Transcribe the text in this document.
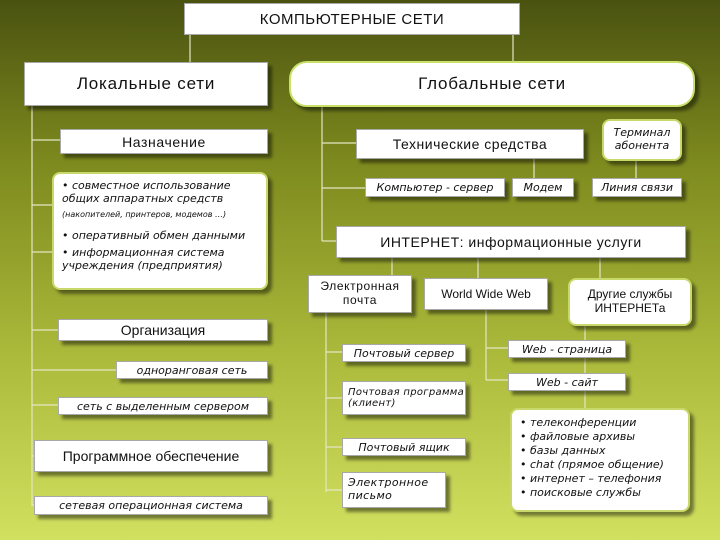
КОМПЬЮТЕРНЫЕ СЕТИ
Локальные сети	Глобальные сети
Назначение
• совместное использование общих аппаратных средств
(накопителей, принтеров, модемов …)
• оперативный обмен данными
• информационная система учреждения (предприятия)
Организация
одноранговая сеть
сеть с выделенным сервером
Программное обеспечение
сетевая операционная система
Технические средства
Терминал абонента
Компьютер - сервер	Модем	Линия связи
ИНТЕРНЕТ: информационные услуги
Электронная почта	World Wide Web	Другие службы ИНТЕРНЕТа
Почтовый сервер
Почтовая программа (клиент)
Почтовый ящик
Электронное письмо
Web - страница
Web - сайт
• телеконференции
• файловые архивы
• базы данных
• chat (прямое общение)
• интернет – телефония
• поисковые службы
